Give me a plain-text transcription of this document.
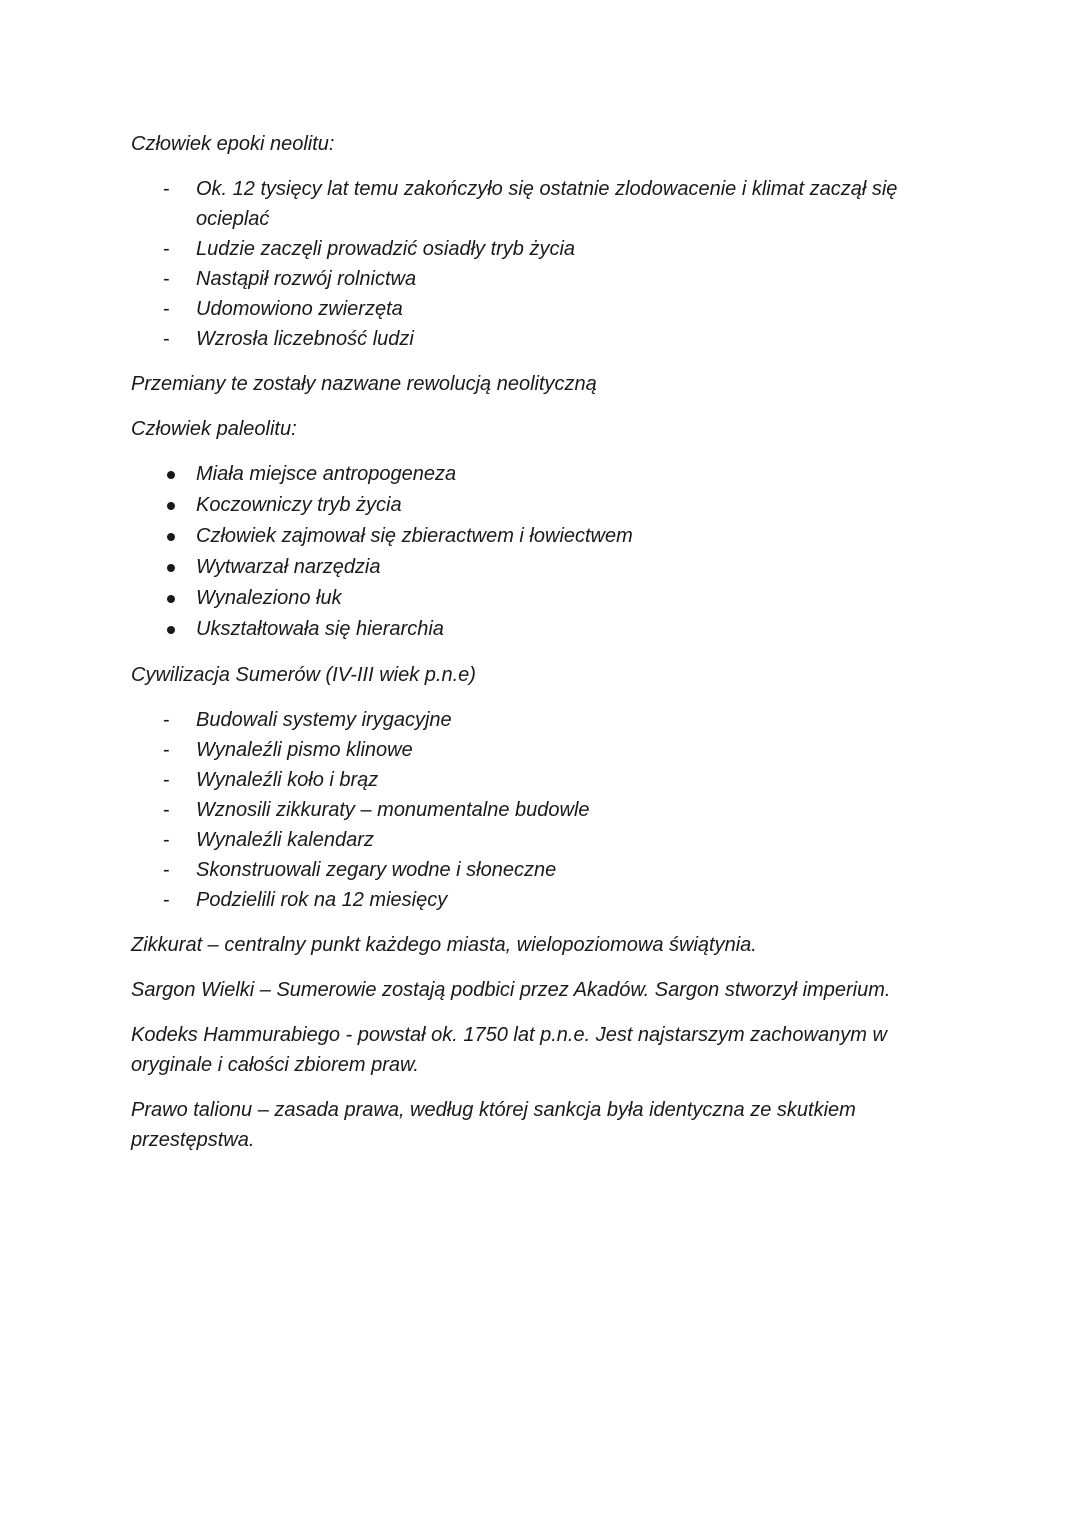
Człowiek epoki neolitu:

-
Ok. 12 tysięcy lat temu zakończyło się ostatnie zlodowacenie i klimat zaczął się ocieplać
-
Ludzie zaczęli prowadzić osiadły tryb życia
-
Nastąpił rozwój rolnictwa
-
Udomowiono zwierzęta
-
Wzrosła liczebność ludzi

Przemiany te zostały nazwane rewolucją neolityczną

Człowiek paleolitu:

Miała miejsce antropogeneza
Koczowniczy tryb życia
Człowiek zajmował się zbieractwem i łowiectwem
Wytwarzał narzędzia
Wynaleziono łuk
Ukształtowała się hierarchia

Cywilizacja Sumerów (IV-III wiek p.n.e)

-
Budowali systemy irygacyjne
-
Wynaleźli pismo klinowe
-
Wynaleźli koło i brąz
-
Wznosili zikkuraty – monumentalne budowle
-
Wynaleźli kalendarz
-
Skonstruowali zegary wodne i słoneczne
-
Podzielili rok na 12 miesięcy

Zikkurat – centralny punkt każdego miasta, wielopoziomowa świątynia.

Sargon Wielki – Sumerowie zostają podbici przez Akadów. Sargon stworzył imperium.

Kodeks Hammurabiego - powstał ok. 1750 lat p.n.e. Jest najstarszym zachowanym w oryginale i całości zbiorem praw.

Prawo talionu – zasada prawa, według której sankcja była identyczna ze skutkiem przestępstwa.
